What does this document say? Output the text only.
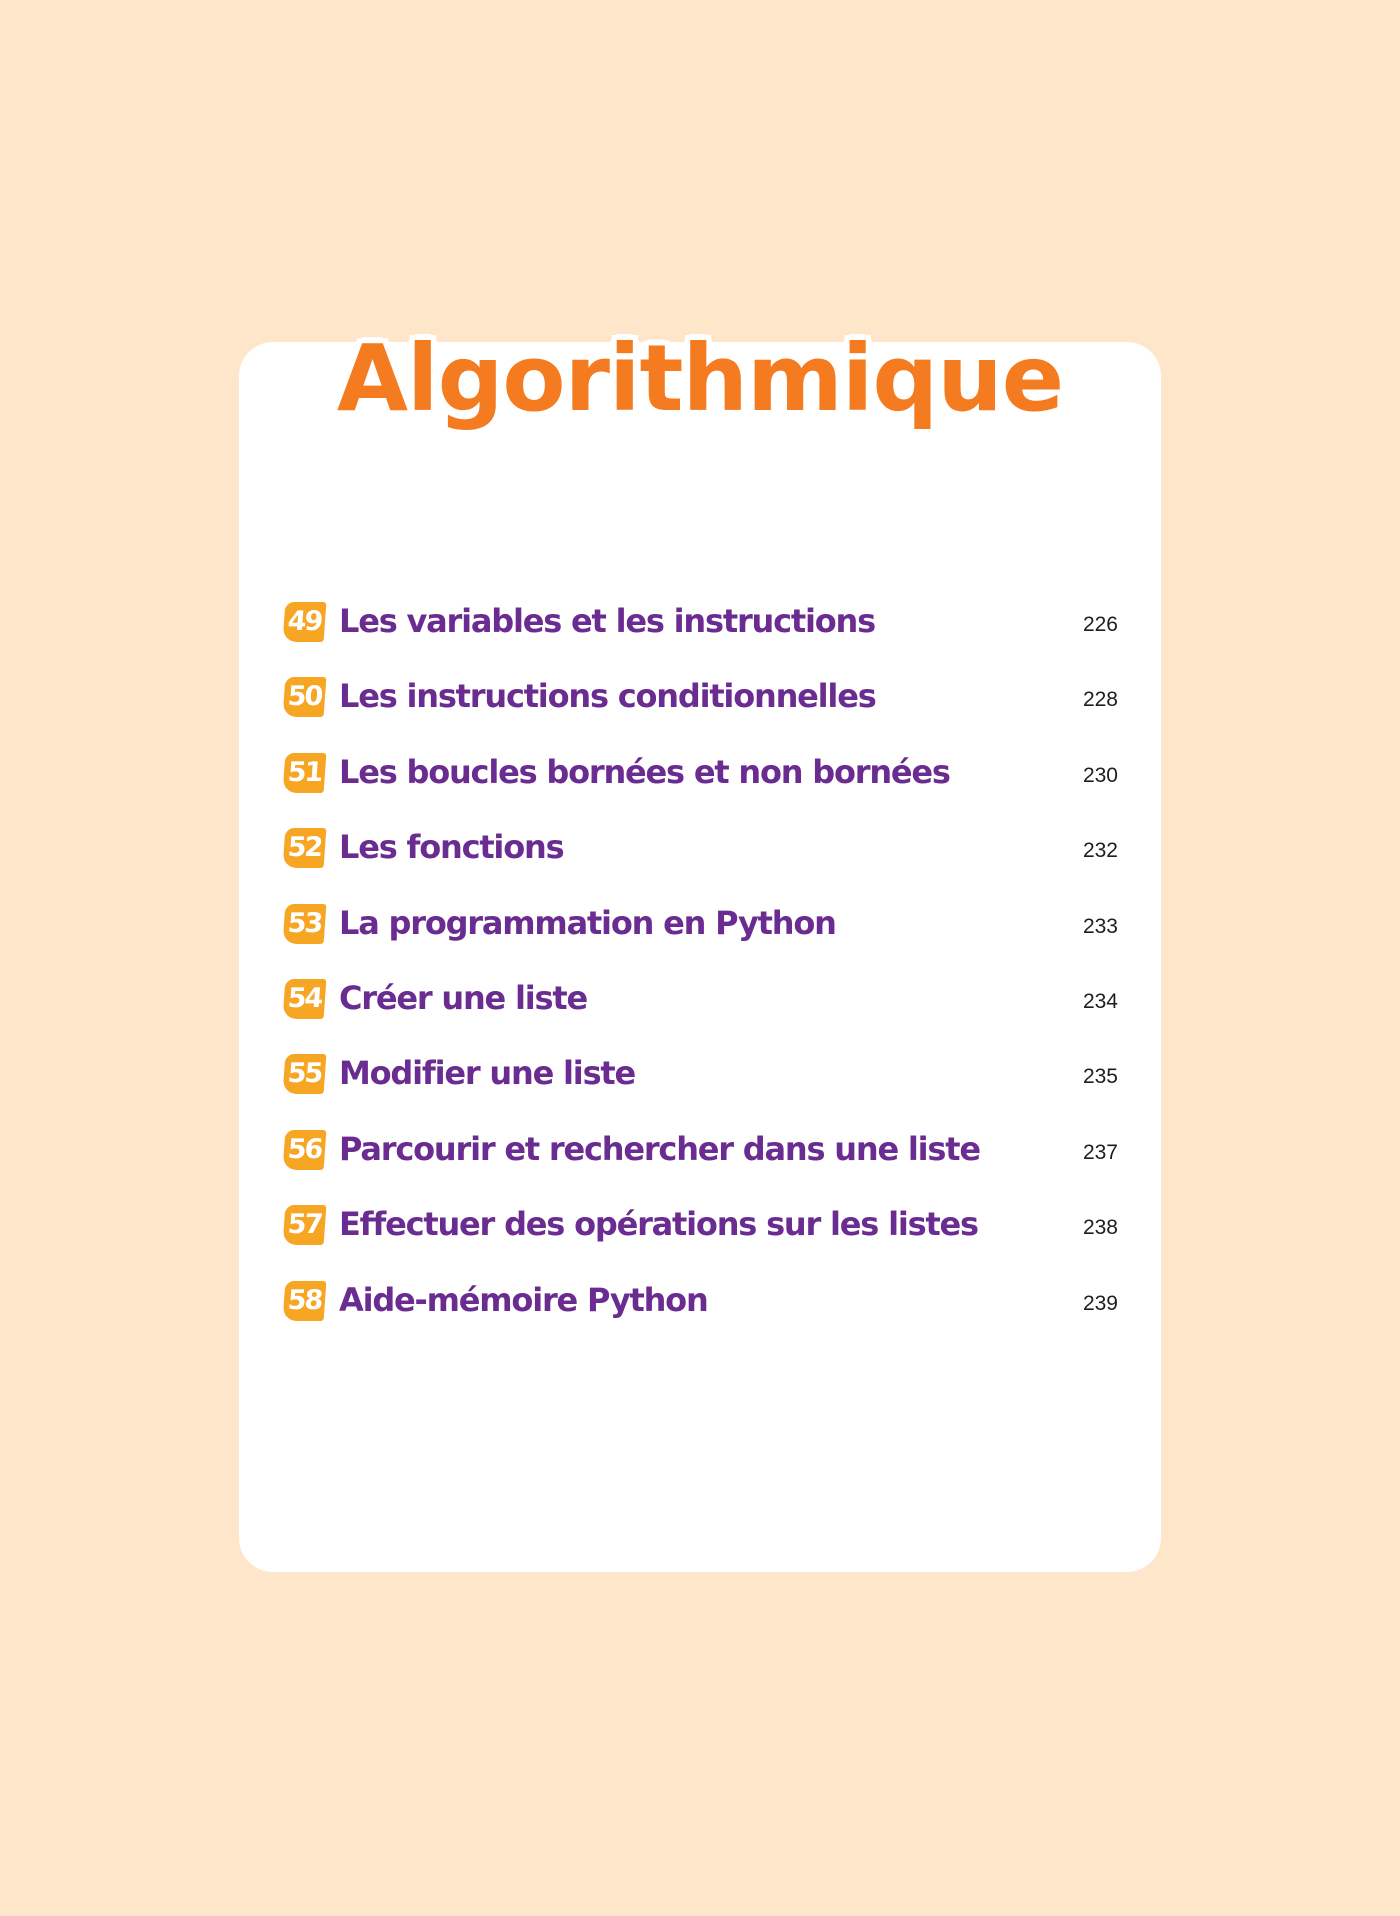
Algorithmique
49 Les variables et les instructions	226
50 Les instructions conditionnelles	228
51 Les boucles bornées et non bornées	230
52 Les fonctions	232
53 La programmation en Python	233
54 Créer une liste	234
55 Modifier une liste	235
56 Parcourir et rechercher dans une liste	237
57 Effectuer des opérations sur les listes	238
58 Aide-mémoire Python	239
